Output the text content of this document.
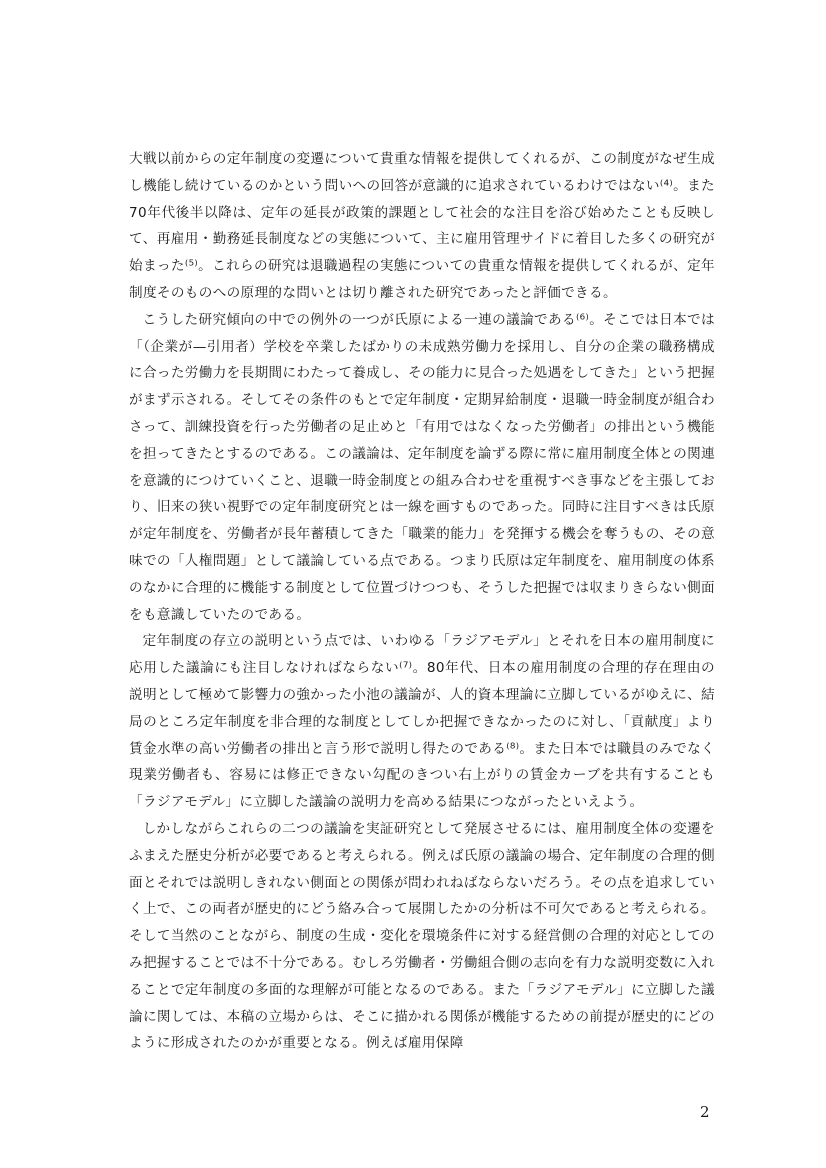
大戦以前からの定年制度の変遷について貴重な情報を提供してくれるが、この制度がなぜ生成し機能し続けているのかという問いへの回答が意識的に追求されているわけではない⁽⁴⁾。また70年代後半以降は、定年の延長が政策的課題として社会的な注目を浴び始めたことも反映して、再雇用・勤務延長制度などの実態について、主に雇用管理サイドに着目した多くの研究が始まった⁽⁵⁾。これらの研究は退職過程の実態についての貴重な情報を提供してくれるが、定年制度そのものへの原理的な問いとは切り離された研究であったと評価できる。

こうした研究傾向の中での例外の一つが氏原による一連の議論である⁽⁶⁾。そこでは日本では「（企業が—引用者）学校を卒業したばかりの未成熟労働力を採用し、自分の企業の職務構成に合った労働力を長期間にわたって養成し、その能力に見合った処遇をしてきた」という把握がまず示される。そしてその条件のもとで定年制度・定期昇給制度・退職一時金制度が組合わさって、訓練投資を行った労働者の足止めと「有用ではなくなった労働者」の排出という機能を担ってきたとするのである。この議論は、定年制度を論ずる際に常に雇用制度全体との関連を意識的につけていくこと、退職一時金制度との組み合わせを重視すべき事などを主張しており、旧来の狭い視野での定年制度研究とは一線を画すものであった。同時に注目すべきは氏原が定年制度を、労働者が長年蓄積してきた「職業的能力」を発揮する機会を奪うもの、その意味での「人権問題」として議論している点である。つまり氏原は定年制度を、雇用制度の体系のなかに合理的に機能する制度として位置づけつつも、そうした把握では収まりきらない側面をも意識していたのである。

定年制度の存立の説明という点では、いわゆる「ラジアモデル」とそれを日本の雇用制度に応用した議論にも注目しなければならない⁽⁷⁾。80年代、日本の雇用制度の合理的存在理由の説明として極めて影響力の強かった小池の議論が、人的資本理論に立脚しているがゆえに、結局のところ定年制度を非合理的な制度としてしか把握できなかったのに対し、「貢献度」より賃金水準の高い労働者の排出と言う形で説明し得たのである⁽⁸⁾。また日本では職員のみでなく現業労働者も、容易には修正できない勾配のきつい右上がりの賃金カーブを共有することも「ラジアモデル」に立脚した議論の説明力を高める結果につながったといえよう。

しかしながらこれらの二つの議論を実証研究として発展させるには、雇用制度全体の変遷をふまえた歴史分析が必要であると考えられる。例えば氏原の議論の場合、定年制度の合理的側面とそれでは説明しきれない側面との関係が問われねばならないだろう。その点を追求していく上で、この両者が歴史的にどう絡み合って展開したかの分析は不可欠であると考えられる。そして当然のことながら、制度の生成・変化を環境条件に対する経営側の合理的対応としてのみ把握することでは不十分である。むしろ労働者・労働組合側の志向を有力な説明変数に入れることで定年制度の多面的な理解が可能となるのである。また「ラジアモデル」に立脚した議論に関しては、本稿の立場からは、そこに描かれる関係が機能するための前提が歴史的にどのように形成されたのかが重要となる。例えば雇用保障

2
